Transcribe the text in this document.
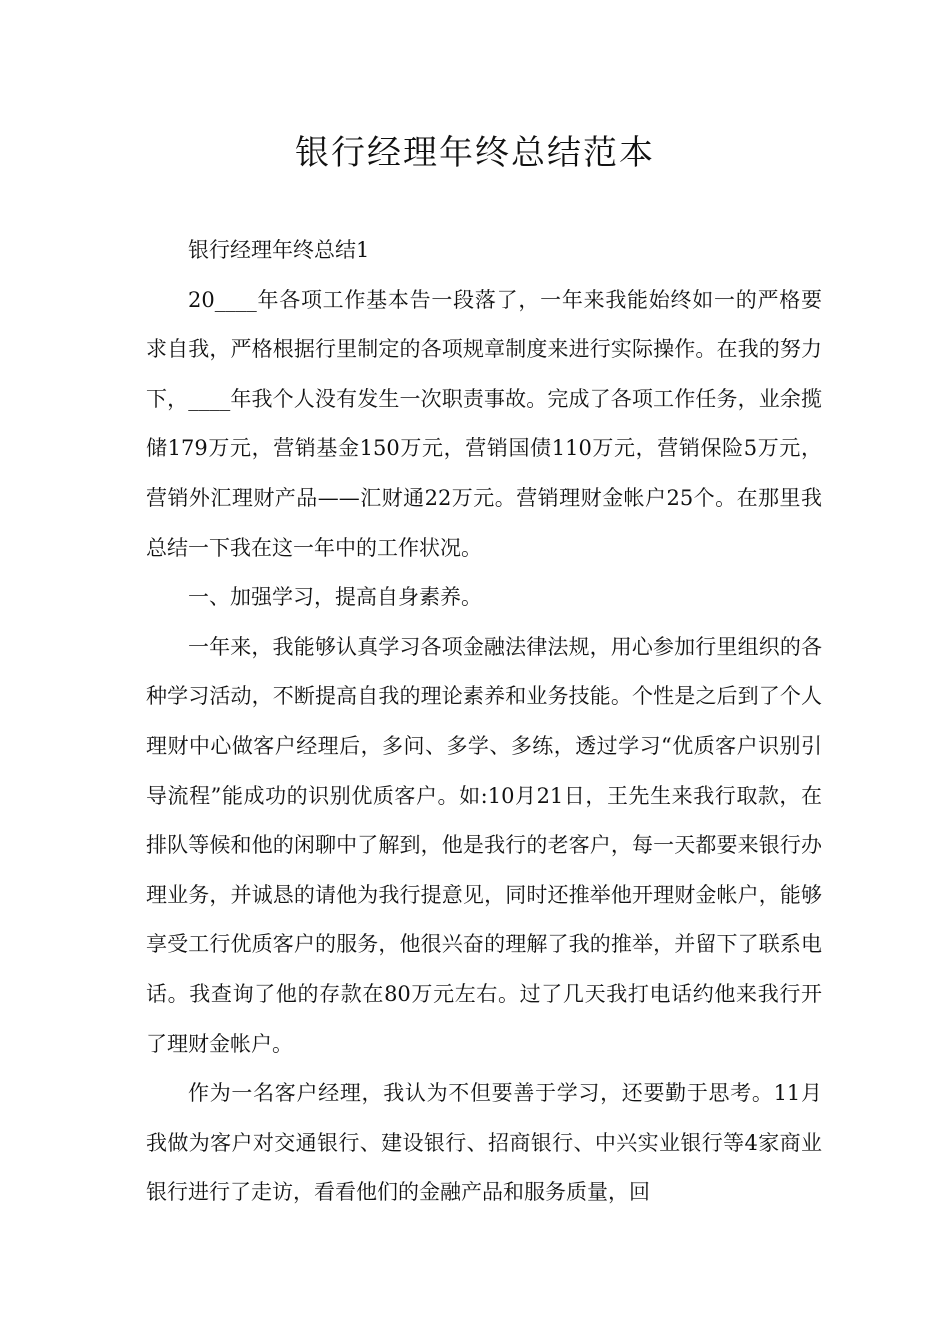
银行经理年终总结范本

银行经理年终总结1

20____年各项工作基本告一段落了，一年来我能始终如一的严格要求自我，严格根据行里制定的各项规章制度来进行实际操作。在我的努力下，____年我个人没有发生一次职责事故。完成了各项工作任务，业余揽储179万元，营销基金150万元，营销国债110万元，营销保险5万元，营销外汇理财产品——汇财通22万元。营销理财金帐户25个。在那里我总结一下我在这一年中的工作状况。

一、加强学习，提高自身素养。

一年来，我能够认真学习各项金融法律法规，用心参加行里组织的各种学习活动，不断提高自我的理论素养和业务技能。个性是之后到了个人理财中心做客户经理后，多问、多学、多练，透过学习“优质客户识别引导流程”能成功的识别优质客户。如:10月21日，王先生来我行取款，在排队等候和他的闲聊中了解到，他是我行的老客户，每一天都要来银行办理业务，并诚恳的请他为我行提意见，同时还推举他开理财金帐户，能够享受工行优质客户的服务，他很兴奋的理解了我的推举，并留下了联系电话。我查询了他的存款在80万元左右。过了几天我打电话约他来我行开了理财金帐户。

作为一名客户经理，我认为不但要善于学习，还要勤于思考。11月我做为客户对交通银行、建设银行、招商银行、中兴实业银行等4家商业银行进行了走访，看看他们的金融产品和服务质量，回
